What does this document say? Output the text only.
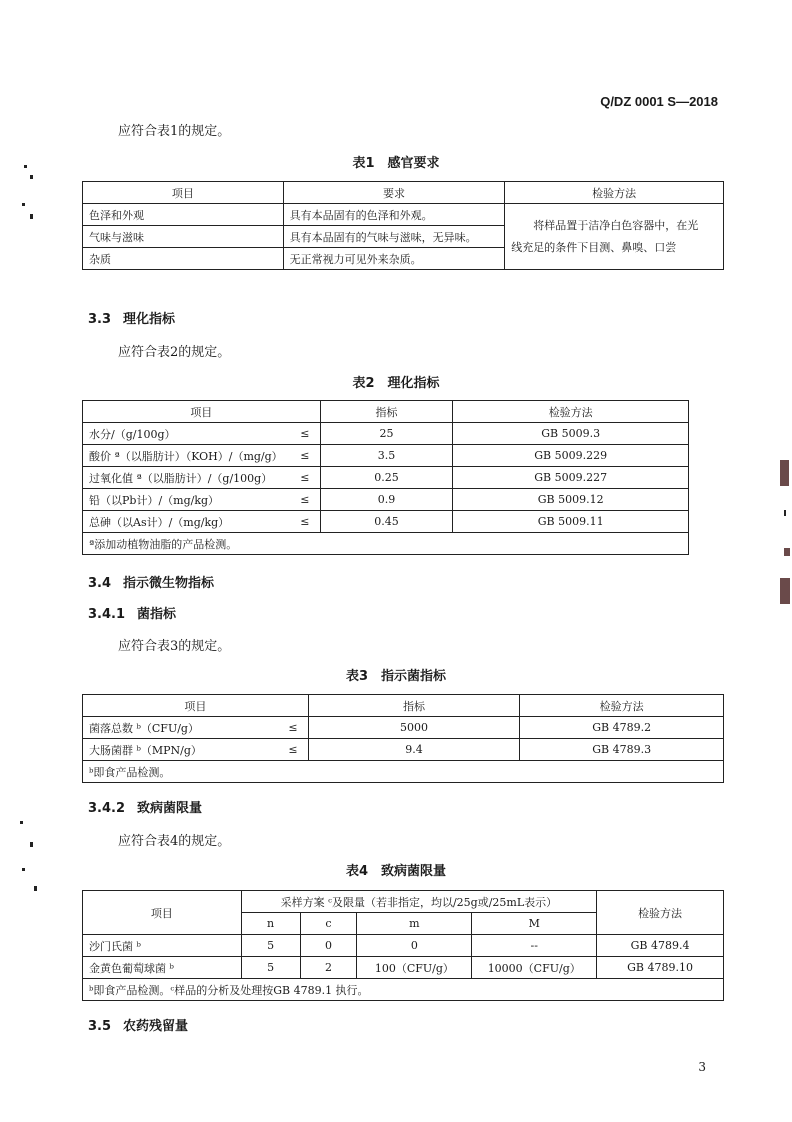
Q/DZ 0001 S—2018
应符合表1的规定。
表1　感官要求
项目	要求	检验方法
色泽和外观	具有本品固有的色泽和外观。	将样品置于洁净白色容器中，在光
线充足的条件下目测、鼻嗅、口尝

气味与滋味	具有本品固有的气味与滋味，无异味。	
杂质	无正常视力可见外来杂质。	
3.3 理化指标
应符合表2的规定。
表2　理化指标
项目		指标	检验方法
水分/（g/100g）	≤	25	GB 5009.3
酸价 ª（以脂肪计）（KOH）/（mg/g）	≤	3.5	GB 5009.229
过氧化值 ª（以脂肪计）/（g/100g）	≤	0.25	GB 5009.227
铅（以Pb计）/（mg/kg）	≤	0.9	GB 5009.12
总砷（以As计）/（mg/kg）	≤	0.45	GB 5009.11
ª添加动植物油脂的产品检测。			
3.4 指示微生物指标
3.4.1 菌指标
应符合表3的规定。
表3　指示菌指标
项目		指标	检验方法
菌落总数 ᵇ（CFU/g）	≤	5000	GB 4789.2
大肠菌群 ᵇ（MPN/g）	≤	9.4	GB 4789.3
ᵇ即食产品检测。			
3.4.2 致病菌限量
应符合表4的规定。
表4　致病菌限量
项目	采样方案 ᶜ及限量（若非指定，均以/25g或/25mL表示）				检验方法
	n	c	m	M	
沙门氏菌 ᵇ	5	0	0	--	GB 4789.4
金黄色葡萄球菌 ᵇ	5	2	100（CFU/g）	10000（CFU/g）	GB 4789.10
ᵇ即食产品检测。ᶜ样品的分析及处理按GB 4789.1 执行。					
3.5 农药残留量
3
